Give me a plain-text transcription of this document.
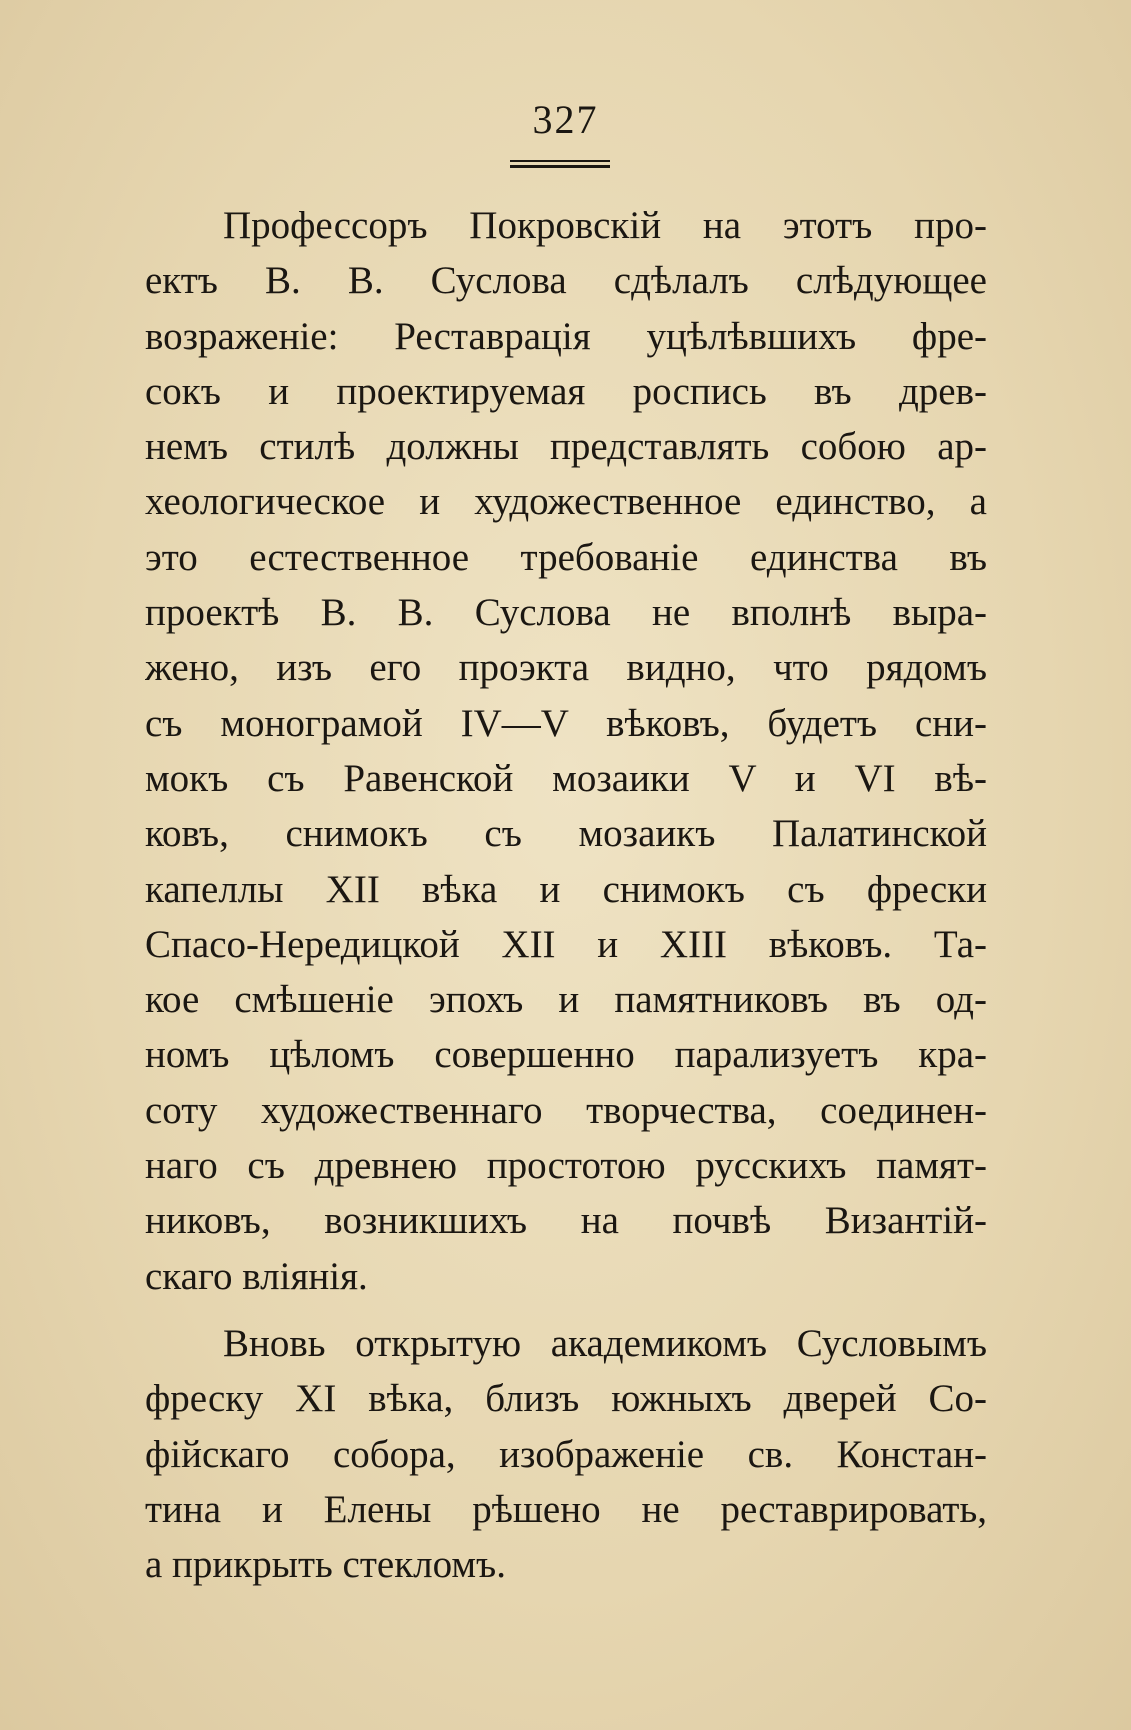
327
Профессоръ Покровскій на этотъ про-
ектъ В. В. Суслова сдѣлалъ слѣдующее
возраженіе: Реставрація уцѣлѣвшихъ фре-
сокъ и проектируемая роспись въ древ-
немъ стилѣ должны представлять собою ар-
хеологическое и художественное единство, а
это естественное требованіе единства въ
проектѣ В. В. Суслова не вполнѣ выра-
жено, изъ его проэкта видно, что рядомъ
съ монограмой IV—V вѣковъ, будетъ сни-
мокъ съ Равенской мозаики V и VI вѣ-
ковъ, снимокъ съ мозаикъ Палатинской
капеллы XII вѣка и снимокъ съ фрески
Спасо-Нередицкой XII и XIII вѣковъ. Та-
кое смѣшеніе эпохъ и памятниковъ въ од-
номъ цѣломъ совершенно парализуетъ кра-
соту художественнаго творчества, соединен-
наго съ древнею простотою русскихъ памят-
никовъ, возникшихъ на почвѣ Византій-
скаго вліянія.
Вновь открытую академикомъ Сусловымъ
фреску XI вѣка, близъ южныхъ дверей Со-
фійскаго собора, изображеніе св. Констан-
тина и Елены рѣшено не реставрировать,
а прикрыть стекломъ.
